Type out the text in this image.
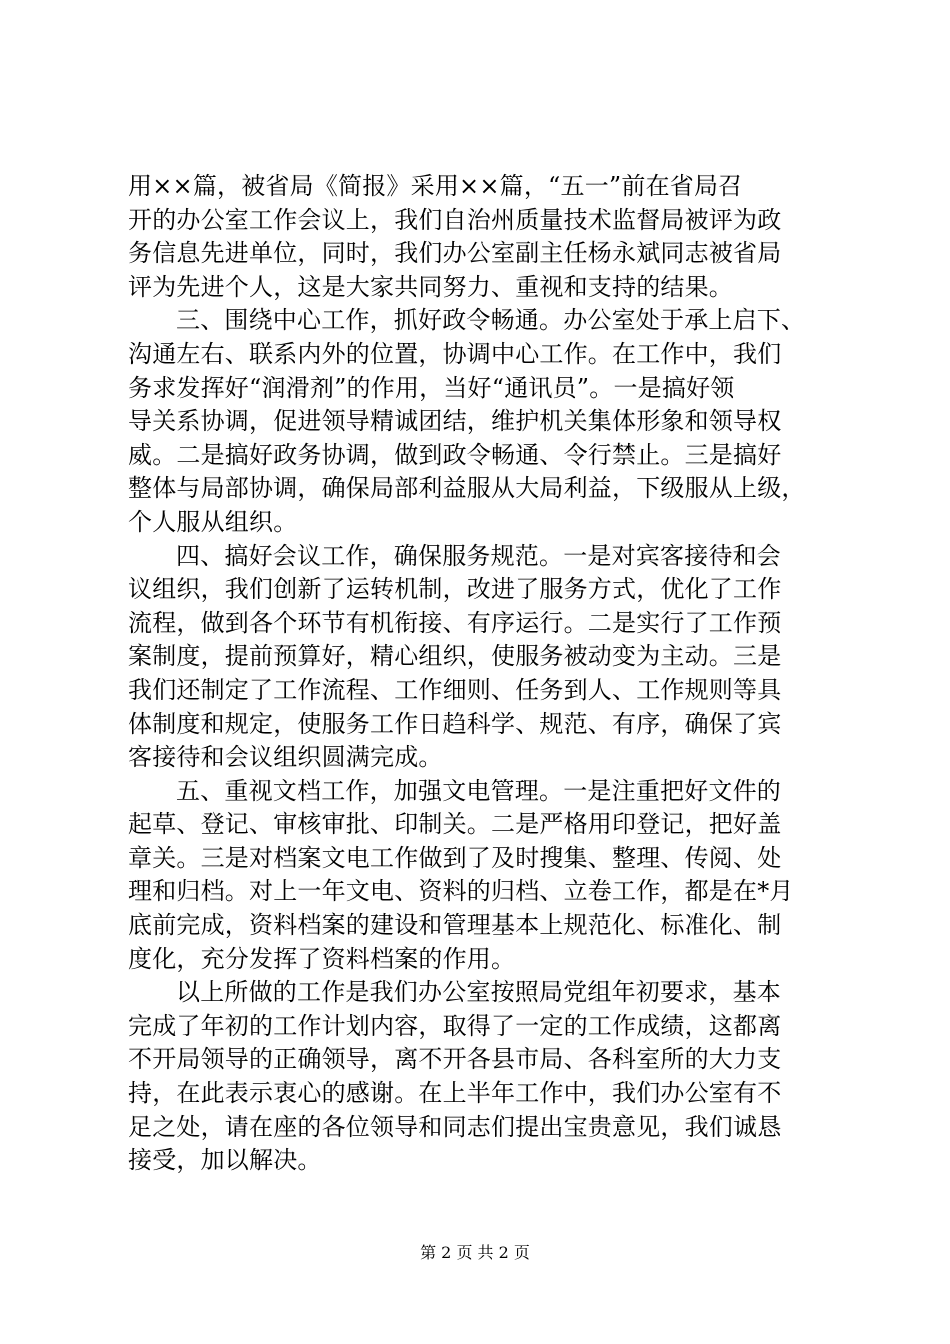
用××篇，被省局《简报》采用××篇，“五一”前在省局召
开的办公室工作会议上，我们自治州质量技术监督局被评为政
务信息先进单位，同时，我们办公室副主任杨永斌同志被省局
评为先进个人，这是大家共同努力、重视和支持的结果。
三、围绕中心工作，抓好政令畅通。办公室处于承上启下、
沟通左右、联系内外的位置，协调中心工作。在工作中，我们
务求发挥好“润滑剂”的作用，当好“通讯员”。一是搞好领
导关系协调，促进领导精诚团结，维护机关集体形象和领导权
威。二是搞好政务协调，做到政令畅通、令行禁止。三是搞好
整体与局部协调，确保局部利益服从大局利益，下级服从上级，
个人服从组织。
四、搞好会议工作，确保服务规范。一是对宾客接待和会
议组织，我们创新了运转机制，改进了服务方式，优化了工作
流程，做到各个环节有机衔接、有序运行。二是实行了工作预
案制度，提前预算好，精心组织，使服务被动变为主动。三是
我们还制定了工作流程、工作细则、任务到人、工作规则等具
体制度和规定，使服务工作日趋科学、规范、有序，确保了宾
客接待和会议组织圆满完成。
五、重视文档工作，加强文电管理。一是注重把好文件的
起草、登记、审核审批、印制关。二是严格用印登记，把好盖
章关。三是对档案文电工作做到了及时搜集、整理、传阅、处
理和归档。对上一年文电、资料的归档、立卷工作，都是在*月
底前完成，资料档案的建设和管理基本上规范化、标准化、制
度化，充分发挥了资料档案的作用。
以上所做的工作是我们办公室按照局党组年初要求，基本
完成了年初的工作计划内容，取得了一定的工作成绩，这都离
不开局领导的正确领导，离不开各县市局、各科室所的大力支
持，在此表示衷心的感谢。在上半年工作中，我们办公室有不
足之处，请在座的各位领导和同志们提出宝贵意见，我们诚恳
接受，加以解决。
第 2 页 共 2 页
